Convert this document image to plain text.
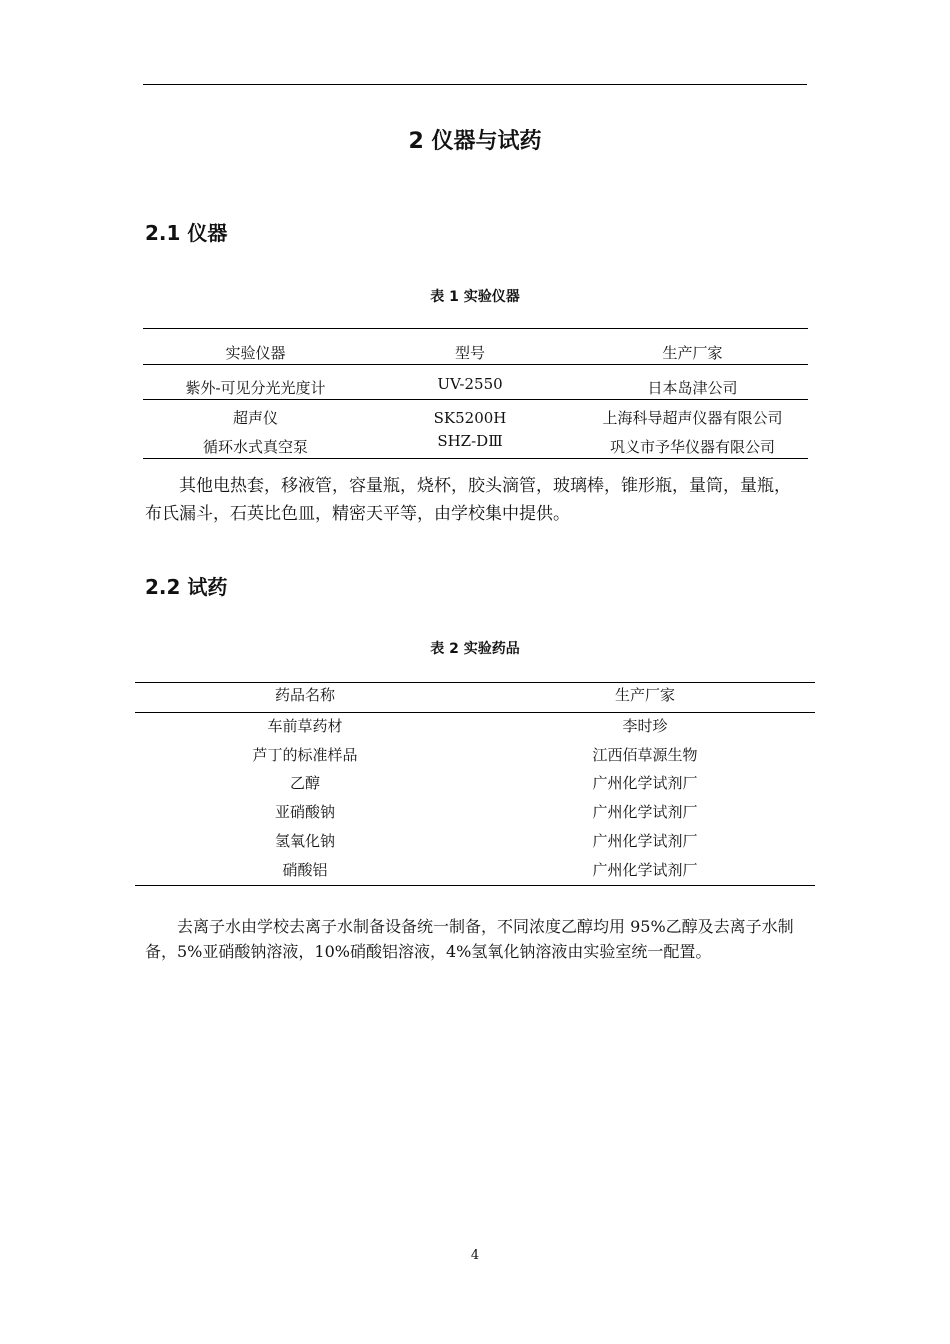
2 仪器与试药
2.1 仪器
表 1 实验仪器
实验仪器	型号	生产厂家
紫外-可见分光光度计	UV-2550	日本岛津公司
超声仪	SK5200H	上海科导超声仪器有限公司
循环水式真空泵	SHZ-DⅢ	巩义市予华仪器有限公司

其他电热套，移液管，容量瓶，烧杯，胶头滴管，玻璃棒，锥形瓶，量筒，量瓶，布氏漏斗，石英比色皿，精密天平等，由学校集中提供。

2.2 试药
表 2 实验药品
药品名称	生产厂家
车前草药材	李时珍
芦丁的标准样品	江西佰草源生物
乙醇	广州化学试剂厂
亚硝酸钠	广州化学试剂厂
氢氧化钠	广州化学试剂厂
硝酸铝	广州化学试剂厂

去离子水由学校去离子水制备设备统一制备，不同浓度乙醇均用 95%乙醇及去离子水制备，5%亚硝酸钠溶液，10%硝酸铝溶液，4%氢氧化钠溶液由实验室统一配置。

4
